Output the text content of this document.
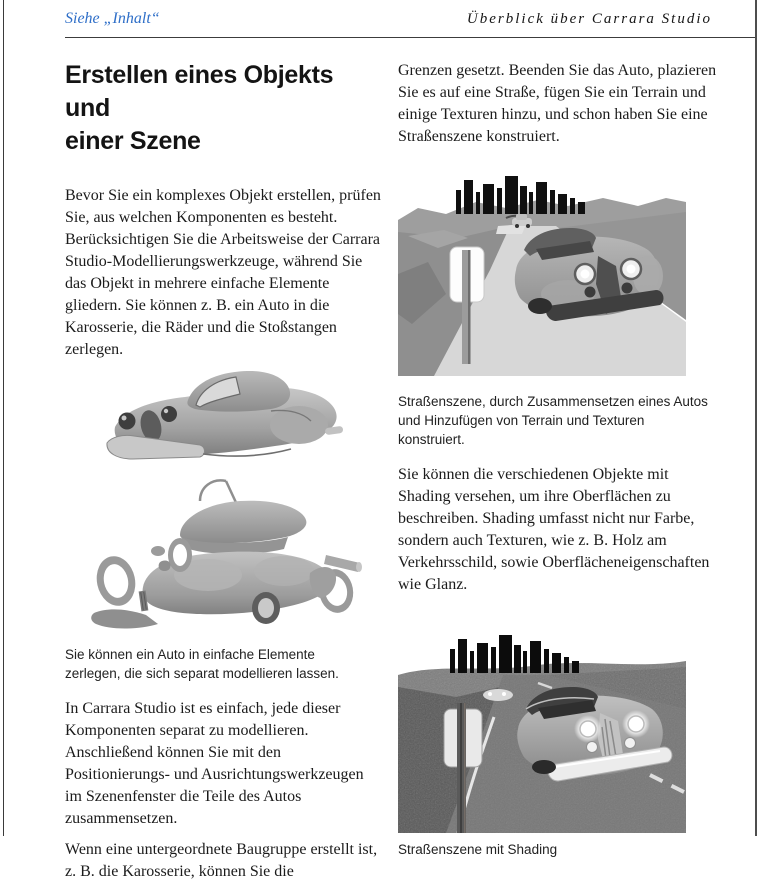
Siehe „Inhalt“	Überblick über Carrara Studio
Erstellen eines Objekts und
einer Szene

Bevor Sie ein komplexes Objekt erstellen, prüfen Sie, aus welchen Komponenten es besteht. Berücksichtigen Sie die Arbeitsweise der Carrara Studio-Modellierungswerkzeuge, während Sie das Objekt in mehrere einfache Elemente gliedern. Sie können z. B. ein Auto in die Karosserie, die Räder und die Stoßstangen zerlegen.

Sie können ein Auto in einfache Elemente zerlegen, die sich separat modellieren lassen.

In Carrara Studio ist es einfach, jede dieser Komponenten separat zu modellieren. Anschließend können Sie mit den Positionierungs- und Ausrichtungswerkzeugen im Szenenfenster die Teile des Autos zusammensetzen.

Wenn eine untergeordnete Baugruppe erstellt ist, z. B. die Karosserie, können Sie die

Grenzen gesetzt. Beenden Sie das Auto, plazieren Sie es auf eine Straße, fügen Sie ein Terrain und einige Texturen hinzu, und schon haben Sie eine Straßenszene konstruiert.

Straßenszene, durch Zusammensetzen eines Autos und Hinzufügen von Terrain und Texturen konstruiert.

Sie können die verschiedenen Objekte mit Shading versehen, um ihre Oberflächen zu beschreiben. Shading umfasst nicht nur Farbe, sondern auch Texturen, wie z. B. Holz am Verkehrsschild, sowie Oberflächeneigenschaften wie Glanz.

Straßenszene mit Shading
